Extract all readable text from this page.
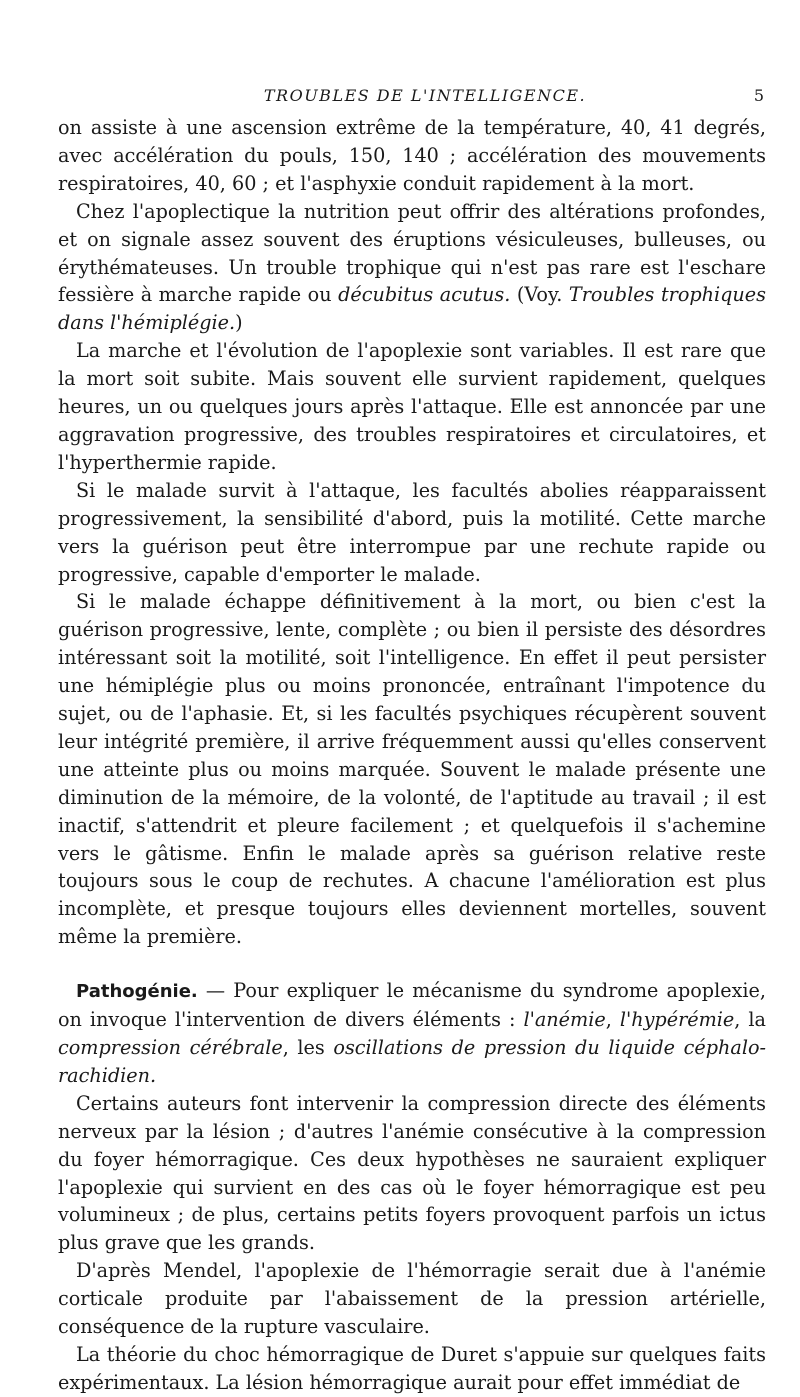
TROUBLES DE L'INTELLIGENCE.	5

on assiste à une ascension extrême de la température, 40, 41 degrés, avec accélération du pouls, 150, 140 ; accélération des mouvements respiratoires, 40, 60 ; et l'asphyxie conduit rapidement à la mort.

Chez l'apoplectique la nutrition peut offrir des altérations profondes, et on signale assez souvent des éruptions vésiculeuses, bulleuses, ou érythémateuses. Un trouble trophique qui n'est pas rare est l'eschare fessière à marche rapide ou décubitus acutus. (Voy. Troubles trophiques dans l'hémiplégie.)

La marche et l'évolution de l'apoplexie sont variables. Il est rare que la mort soit subite. Mais souvent elle survient rapidement, quelques heures, un ou quelques jours après l'attaque. Elle est annoncée par une aggravation progressive, des troubles respiratoires et circulatoires, et l'hyperthermie rapide.

Si le malade survit à l'attaque, les facultés abolies réapparaissent progressivement, la sensibilité d'abord, puis la motilité. Cette marche vers la guérison peut être interrompue par une rechute rapide ou progressive, capable d'emporter le malade.

Si le malade échappe définitivement à la mort, ou bien c'est la guérison progressive, lente, complète ; ou bien il persiste des désordres intéressant soit la motilité, soit l'intelligence. En effet il peut persister une hémiplégie plus ou moins prononcée, entraînant l'impotence du sujet, ou de l'aphasie. Et, si les facultés psychiques récupèrent souvent leur intégrité première, il arrive fréquemment aussi qu'elles conservent une atteinte plus ou moins marquée. Souvent le malade présente une diminution de la mémoire, de la volonté, de l'aptitude au travail ; il est inactif, s'attendrit et pleure facilement ; et quelquefois il s'achemine vers le gâtisme. Enfin le malade après sa guérison relative reste toujours sous le coup de rechutes. A chacune l'amélioration est plus incomplète, et presque toujours elles deviennent mortelles, souvent même la première.

Pathogénie. — Pour expliquer le mécanisme du syndrome apoplexie, on invoque l'intervention de divers éléments : l'anémie, l'hypérémie, la compression cérébrale, les oscillations de pression du liquide céphalo-rachidien.

Certains auteurs font intervenir la compression directe des éléments nerveux par la lésion ; d'autres l'anémie consécutive à la compression du foyer hémorragique. Ces deux hypothèses ne sauraient expliquer l'apoplexie qui survient en des cas où le foyer hémorragique est peu volumineux ; de plus, certains petits foyers provoquent parfois un ictus plus grave que les grands.

D'après Mendel, l'apoplexie de l'hémorragie serait due à l'anémie corticale produite par l'abaissement de la pression artérielle, conséquence de la rupture vasculaire.

La théorie du choc hémorragique de Duret s'appuie sur quelques faits expérimentaux. La lésion hémorragique aurait pour effet immédiat de
